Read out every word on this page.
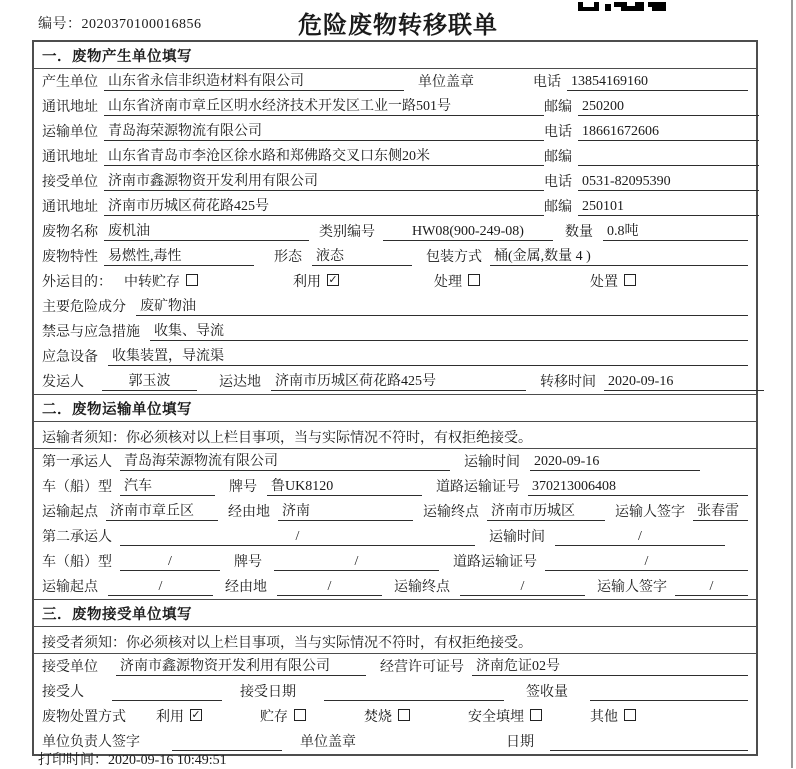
编号：2020370100016856	危险废物转移联单
一．废物产生单位填写
产生单位 山东省永信非织造材料有限公司	单位盖章	电话 13854169160
通讯地址 山东省济南市章丘区明水经济技术开发区工业一路501号	邮编 250200
运输单位 青岛海荣源物流有限公司	电话 18661672606
通讯地址 山东省青岛市李沧区徐水路和郑佛路交叉口东侧20米	邮编
接受单位 济南市鑫源物资开发利用有限公司	电话 0531-82095390
通讯地址 济南市历城区荷花路425号	邮编 250101
废物名称 废机油	类别编号	HW08(900-249-08)	数量 0.8吨
废物特性 易燃性,毒性	形态 液态	包装方式 桶(金属,数量 4 )
外运目的： 中转贮存	利用 ✓	处理	处置
主要危险成分 废矿物油
禁忌与应急措施 收集、导流
应急设备 收集装置，导流渠
发运人	郭玉波	运达地 济南市历城区荷花路425号	转移时间 2020-09-16
二．废物运输单位填写
运输者须知：你必须核对以上栏目事项，当与实际情况不符时，有权拒绝接受。
第一承运人 青岛海荣源物流有限公司	运输时间 2020-09-16
车（船）型 汽车	牌号 鲁UK8120	道路运输证号 370213006408
运输起点 济南市章丘区	经由地 济南	运输终点 济南市历城区	运输人签字 张春雷
第二承运人	/	运输时间	/
车（船）型	/	牌号	/	道路运输证号	/
运输起点	/	经由地	/	运输终点	/	运输人签字	/
三．废物接受单位填写
接受者须知：你必须核对以上栏目事项，当与实际情况不符时，有权拒绝接受。
接受单位 济南市鑫源物资开发利用有限公司	经营许可证号 济南危证02号
接受人	接受日期	签收量
废物处置方式 利用 ✓	贮存	焚烧	安全填埋	其他
单位负责人签字	单位盖章	日期
打印时间：2020-09-16 10:49:51
